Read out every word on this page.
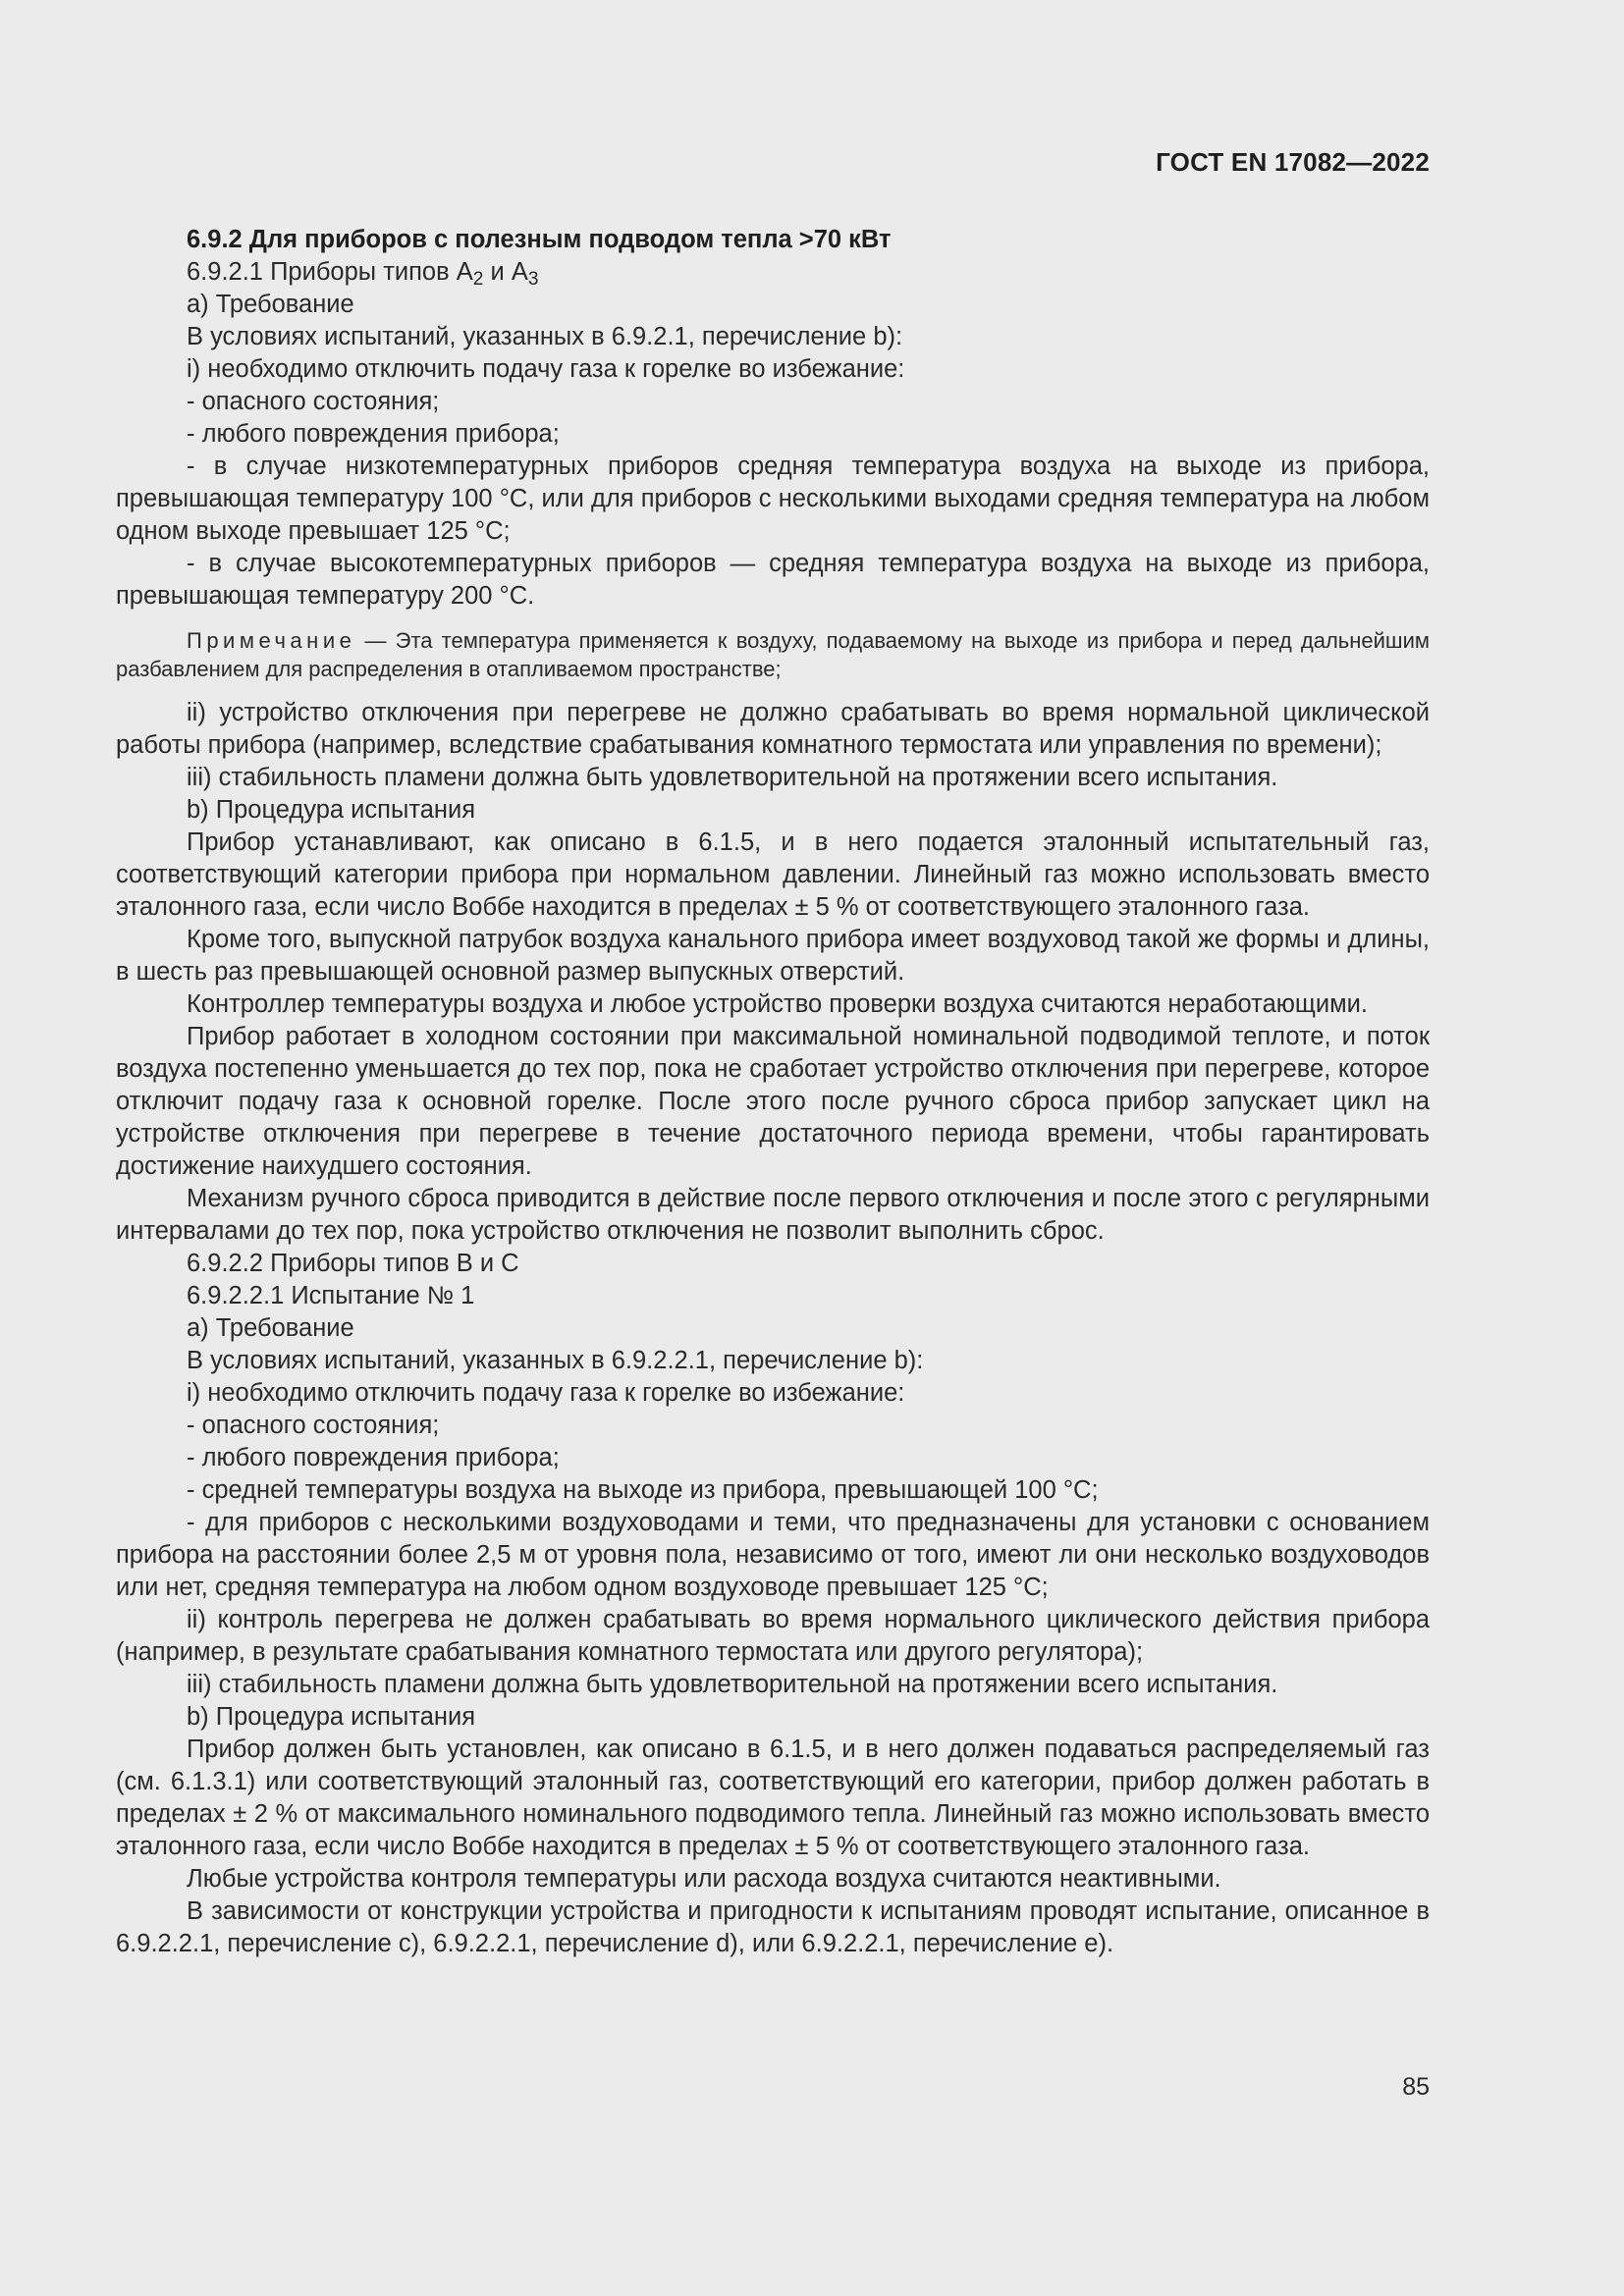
ГОСТ EN 17082—2022

6.9.2 Для приборов с полезным подводом тепла >70 кВт

6.9.2.1 Приборы типов $A_2$ и $A_3$

a) Требование

В условиях испытаний, указанных в 6.9.2.1, перечисление b):

i) необходимо отключить подачу газа к горелке во избежание:

- опасного состояния;

- любого повреждения прибора;

- в случае низкотемпературных приборов средняя температура воздуха на выходе из прибора, превышающая температуру 100 °С, или для приборов с несколькими выходами средняя температура на любом одном выходе превышает 125 °С;

- в случае высокотемпературных приборов — средняя температура воздуха на выходе из прибора, превышающая температуру 200 °С.

Примечание — Эта температура применяется к воздуху, подаваемому на выходе из прибора и перед дальнейшим разбавлением для распределения в отапливаемом пространстве;

ii) устройство отключения при перегреве не должно срабатывать во время нормальной циклической работы прибора (например, вследствие срабатывания комнатного термостата или управления по времени);

iii) стабильность пламени должна быть удовлетворительной на протяжении всего испытания.

b) Процедура испытания

Прибор устанавливают, как описано в 6.1.5, и в него подается эталонный испытательный газ, соответствующий категории прибора при нормальном давлении. Линейный газ можно использовать вместо эталонного газа, если число Воббе находится в пределах ± 5 % от соответствующего эталонного газа.

Кроме того, выпускной патрубок воздуха канального прибора имеет воздуховод такой же формы и длины, в шесть раз превышающей основной размер выпускных отверстий.

Контроллер температуры воздуха и любое устройство проверки воздуха считаются неработающими.

Прибор работает в холодном состоянии при максимальной номинальной подводимой теплоте, и поток воздуха постепенно уменьшается до тех пор, пока не сработает устройство отключения при перегреве, которое отключит подачу газа к основной горелке. После этого после ручного сброса прибор запускает цикл на устройстве отключения при перегреве в течение достаточного периода времени, чтобы гарантировать достижение наихудшего состояния.

Механизм ручного сброса приводится в действие после первого отключения и после этого с регулярными интервалами до тех пор, пока устройство отключения не позволит выполнить сброс.

6.9.2.2 Приборы типов В и С

6.9.2.2.1 Испытание № 1

a) Требование

В условиях испытаний, указанных в 6.9.2.2.1, перечисление b):

i) необходимо отключить подачу газа к горелке во избежание:

- опасного состояния;

- любого повреждения прибора;

- средней температуры воздуха на выходе из прибора, превышающей 100 °С;

- для приборов с несколькими воздуховодами и теми, что предназначены для установки с основанием прибора на расстоянии более 2,5 м от уровня пола, независимо от того, имеют ли они несколько воздуховодов или нет, средняя температура на любом одном воздуховоде превышает 125 °С;

ii) контроль перегрева не должен срабатывать во время нормального циклического действия прибора (например, в результате срабатывания комнатного термостата или другого регулятора);

iii) стабильность пламени должна быть удовлетворительной на протяжении всего испытания.

b) Процедура испытания

Прибор должен быть установлен, как описано в 6.1.5, и в него должен подаваться распределяемый газ (см. 6.1.3.1) или соответствующий эталонный газ, соответствующий его категории, прибор должен работать в пределах ± 2 % от максимального номинального подводимого тепла. Линейный газ можно использовать вместо эталонного газа, если число Воббе находится в пределах ± 5 % от соответствующего эталонного газа.

Любые устройства контроля температуры или расхода воздуха считаются неактивными.

В зависимости от конструкции устройства и пригодности к испытаниям проводят испытание, описанное в 6.9.2.2.1, перечисление с), 6.9.2.2.1, перечисление d), или 6.9.2.2.1, перечисление е).

85
